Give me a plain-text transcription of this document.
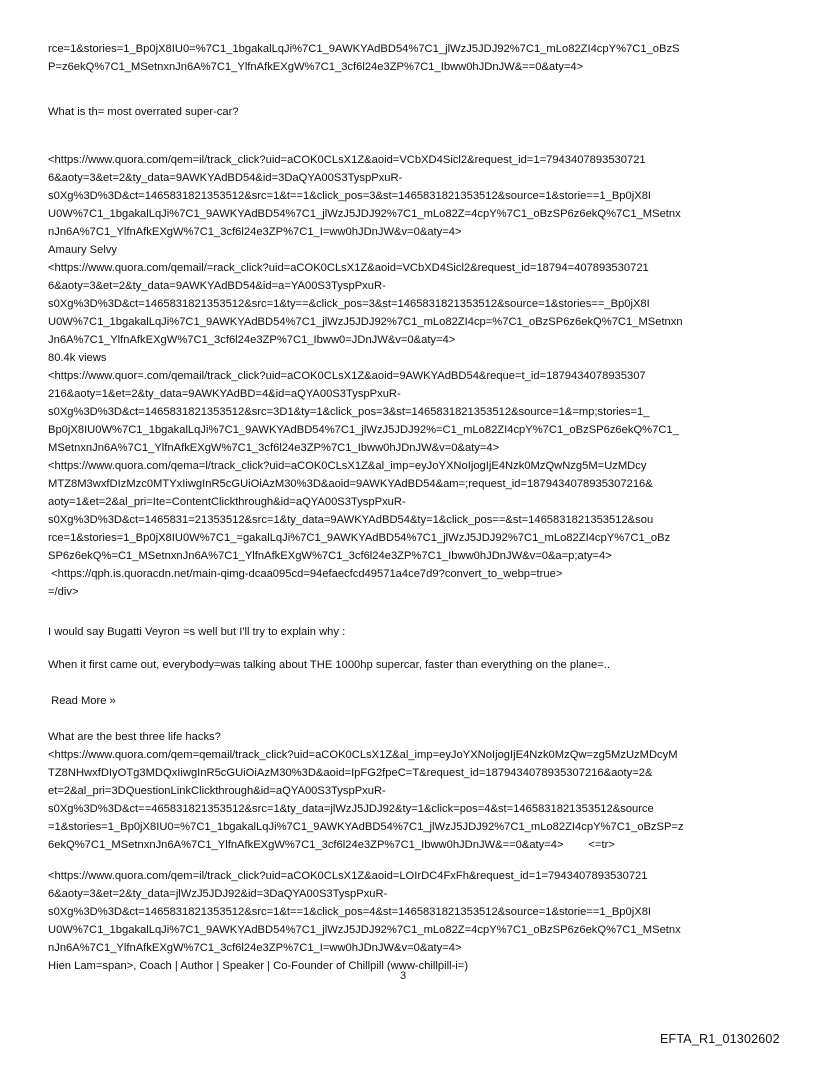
rce=1&stories=1_Bp0jX8IU0=%7C1_1bgakalLqJi%7C1_9AWKYAdBD54%7C1_jlWzJ5JDJ92%7C1_mLo82ZI4cpY%7C1_oBzS
P=z6ekQ%7C1_MSetnxnJn6A%7C1_YlfnAfkEXgW%7C1_3cf6l24e3ZP%7C1_Ibww0hJDnJW&==0&aty=4>
What is th= most overrated super-car?
<https://www.quora.com/qem=il/track_click?uid=aCOK0CLsX1Z&aoid=VCbXD4Sicl2&request_id=1=7943407893530721
6&aoty=3&et=2&ty_data=9AWKYAdBD54&id=3DaQYA00S3TyspPxuR-
s0Xg%3D%3D&ct=1465831821353512&src=1&t==1&click_pos=3&st=1465831821353512&source=1&storie==1_Bp0jX8I
U0W%7C1_1bgakalLqJi%7C1_9AWKYAdBD54%7C1_jlWzJ5JDJ92%7C1_mLo82Z=4cpY%7C1_oBzSP6z6ekQ%7C1_MSetnx
nJn6A%7C1_YlfnAfkEXgW%7C1_3cf6l24e3ZP%7C1_I=ww0hJDnJW&v=0&aty=4>
Amaury Selvy
<https://www.quora.com/qemail/=rack_click?uid=aCOK0CLsX1Z&aoid=VCbXD4Sicl2&request_id=18794=407893530721
6&aoty=3&et=2&ty_data=9AWKYAdBD54&id=a=YA00S3TyspPxuR-
s0Xg%3D%3D&ct=1465831821353512&src=1&ty==&click_pos=3&st=1465831821353512&source=1&stories==_Bp0jX8I
U0W%7C1_1bgakalLqJi%7C1_9AWKYAdBD54%7C1_jlWzJ5JDJ92%7C1_mLo82ZI4cp=%7C1_oBzSP6z6ekQ%7C1_MSetnxn
Jn6A%7C1_YlfnAfkEXgW%7C1_3cf6l24e3ZP%7C1_Ibww0=JDnJW&v=0&aty=4>
80.4k views
<https://www.quor=.com/qemail/track_click?uid=aCOK0CLsX1Z&aoid=9AWKYAdBD54&reque=t_id=1879434078935307
216&aoty=1&et=2&ty_data=9AWKYAdBD=4&id=aQYA00S3TyspPxuR-
s0Xg%3D%3D&ct=1465831821353512&src=3D1&ty=1&click_pos=3&st=1465831821353512&source=1&=mp;stories=1_
Bp0jX8IU0W%7C1_1bgakalLqJi%7C1_9AWKYAdBD54%7C1_jlWzJ5JDJ92%=C1_mLo82ZI4cpY%7C1_oBzSP6z6ekQ%7C1_
MSetnxnJn6A%7C1_YlfnAfkEXgW%7C1_3cf6l24e3ZP%7C1_Ibww0hJDnJW&v=0&aty=4>
<https://www.quora.com/qema=l/track_click?uid=aCOK0CLsX1Z&al_imp=eyJoYXNoIjogIjE4Nzk0MzQwNzg5M=UzMDcy
MTZ8M3wxfDIzMzc0MTYxIiwgInR5cGUiOiAzM30%3D&aoid=9AWKYAdBD54&am=;request_id=1879434078935307216&
aoty=1&et=2&al_pri=Ite=ContentClickthrough&id=aQYA00S3TyspPxuR-
s0Xg%3D%3D&ct=1465831=21353512&src=1&ty_data=9AWKYAdBD54&ty=1&click_pos==&st=1465831821353512&sou
rce=1&stories=1_Bp0jX8IU0W%7C1_=gakalLqJi%7C1_9AWKYAdBD54%7C1_jlWzJ5JDJ92%7C1_mLo82ZI4cpY%7C1_oBz
SP6z6ekQ%=C1_MSetnxnJn6A%7C1_YlfnAfkEXgW%7C1_3cf6l24e3ZP%7C1_Ibww0hJDnJW&v=0&a=p;aty=4>
<https://qph.is.quoracdn.net/main-qimg-dcaa095cd=94efaecfcd49571a4ce7d9?convert_to_webp=true>
=/div>
I would say Bugatti Veyron =s well but I'll try to explain why :
When it first came out, everybody=was talking about THE 1000hp supercar, faster than everything on the plane=..
Read More »
What are the best three life hacks?
<https://www.quora.com/qem=qemail/track_click?uid=aCOK0CLsX1Z&al_imp=eyJoYXNoIjogIjE4Nzk0MzQw=zg5MzUzMDcyM
TZ8NHwxfDIyOTg3MDQxIiwgInR5cGUiOiAzM30%3D&aoid=IpFG2fpeC=T&request_id=1879434078935307216&aoty=2&
et=2&al_pri=3DQuestionLinkClickthrough&id=aQYA00S3TyspPxuR-
s0Xg%3D%3D&ct==465831821353512&src=1&ty_data=jlWzJ5JDJ92&ty=1&click=pos=4&st=1465831821353512&source
=1&stories=1_Bp0jX8IU0=%7C1_1bgakalLqJi%7C1_9AWKYAdBD54%7C1_jlWzJ5JDJ92%7C1_mLo82ZI4cpY%7C1_oBzSP=z
6ekQ%7C1_MSetnxnJn6A%7C1_YlfnAfkEXgW%7C1_3cf6l24e3ZP%7C1_Ibww0hJDnJW&==0&aty=4>        <=tr>
<https://www.quora.com/qem=il/track_click?uid=aCOK0CLsX1Z&aoid=LOIrDC4FxFh&request_id=1=7943407893530721
6&aoty=3&et=2&ty_data=jlWzJ5JDJ92&id=3DaQYA00S3TyspPxuR-
s0Xg%3D%3D&ct=1465831821353512&src=1&t==1&click_pos=4&st=1465831821353512&source=1&storie==1_Bp0jX8I
U0W%7C1_1bgakalLqJi%7C1_9AWKYAdBD54%7C1_jlWzJ5JDJ92%7C1_mLo82Z=4cpY%7C1_oBzSP6z6ekQ%7C1_MSetnx
nJn6A%7C1_YlfnAfkEXgW%7C1_3cf6l24e3ZP%7C1_I=ww0hJDnJW&v=0&aty=4>
Hien Lam=span>, Coach | Author | Speaker | Co-Founder of Chillpill (www-chillpill-i=)
3
EFTA_R1_01302602
